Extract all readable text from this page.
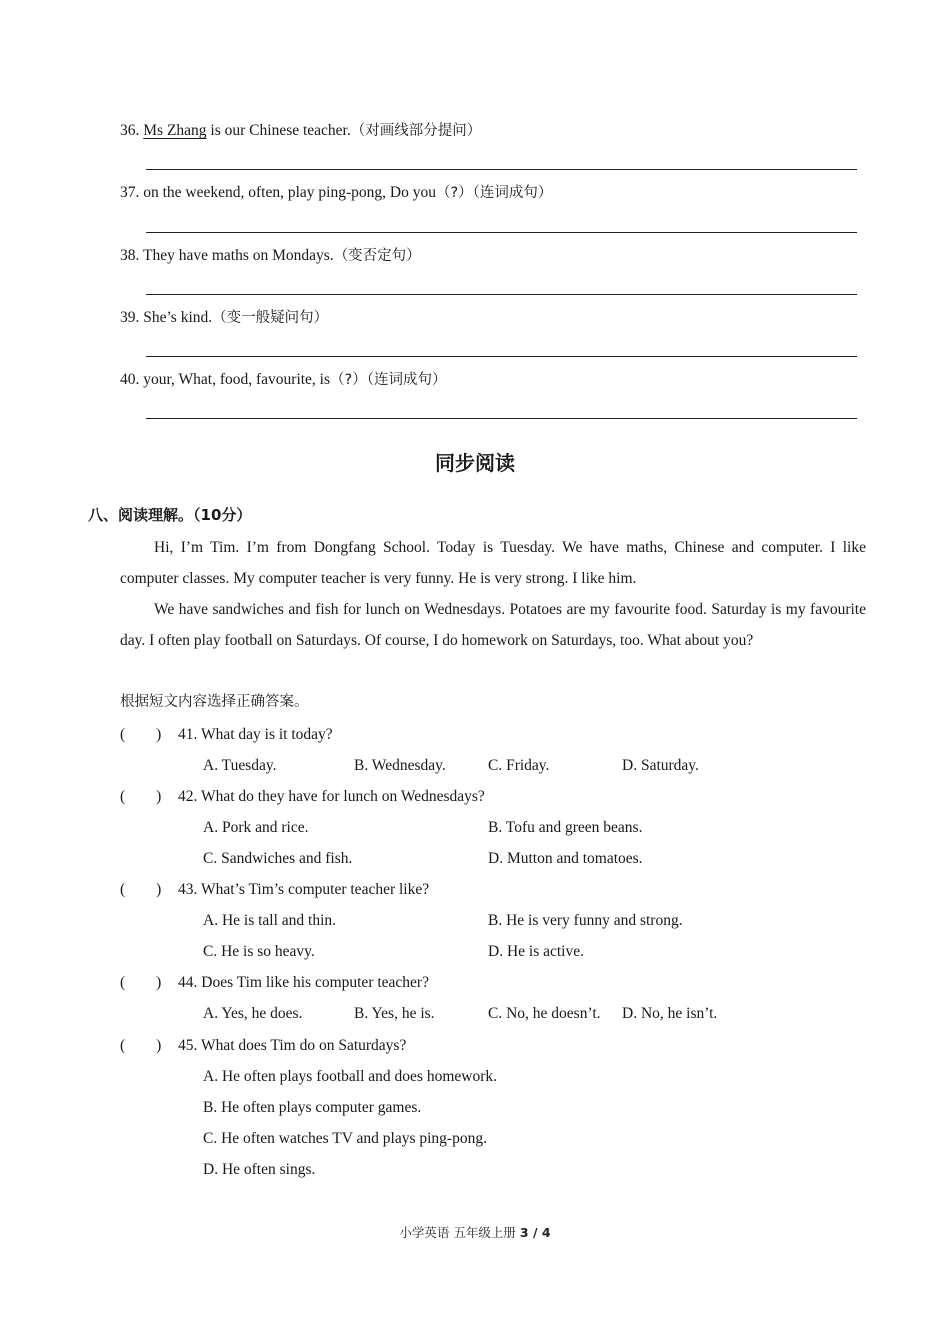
36. Ms Zhang is our Chinese teacher.（对画线部分提问）
37. on the weekend, often, play ping-pong, Do you（?）（连词成句）
38. They have maths on Mondays.（变否定句）
39. She’s kind.（变一般疑问句）
40. your, What, food, favourite, is（?）（连词成句）
同步阅读
八、阅读理解。（10分）
Hi, I’m Tim. I’m from Dongfang School. Today is Tuesday. We have maths, Chinese and computer. I like computer classes. My computer teacher is very funny. He is very strong. I like him.
We have sandwiches and fish for lunch on Wednesdays. Potatoes are my favourite food. Saturday is my favourite day. I often play football on Saturdays. Of course, I do homework on Saturdays, too. What about you?
根据短文内容选择正确答案。
(　　) 41. What day is it today?
A. Tuesday.	B. Wednesday.	C. Friday.	D. Saturday.
(　　) 42. What do they have for lunch on Wednesdays?
A. Pork and rice.	B. Tofu and green beans.
C. Sandwiches and fish.	D. Mutton and tomatoes.
(　　) 43. What’s Tim’s computer teacher like?
A. He is tall and thin.	B. He is very funny and strong.
C. He is so heavy.	D. He is active.
(　　) 44. Does Tim like his computer teacher?
A. Yes, he does.	B. Yes, he is.	C. No, he doesn’t. D. No, he isn’t.
(　　) 45. What does Tim do on Saturdays?
A. He often plays football and does homework.
B. He often plays computer games.
C. He often watches TV and plays ping-pong.
D. He often sings.
小学英语 五年级上册 3 / 4
